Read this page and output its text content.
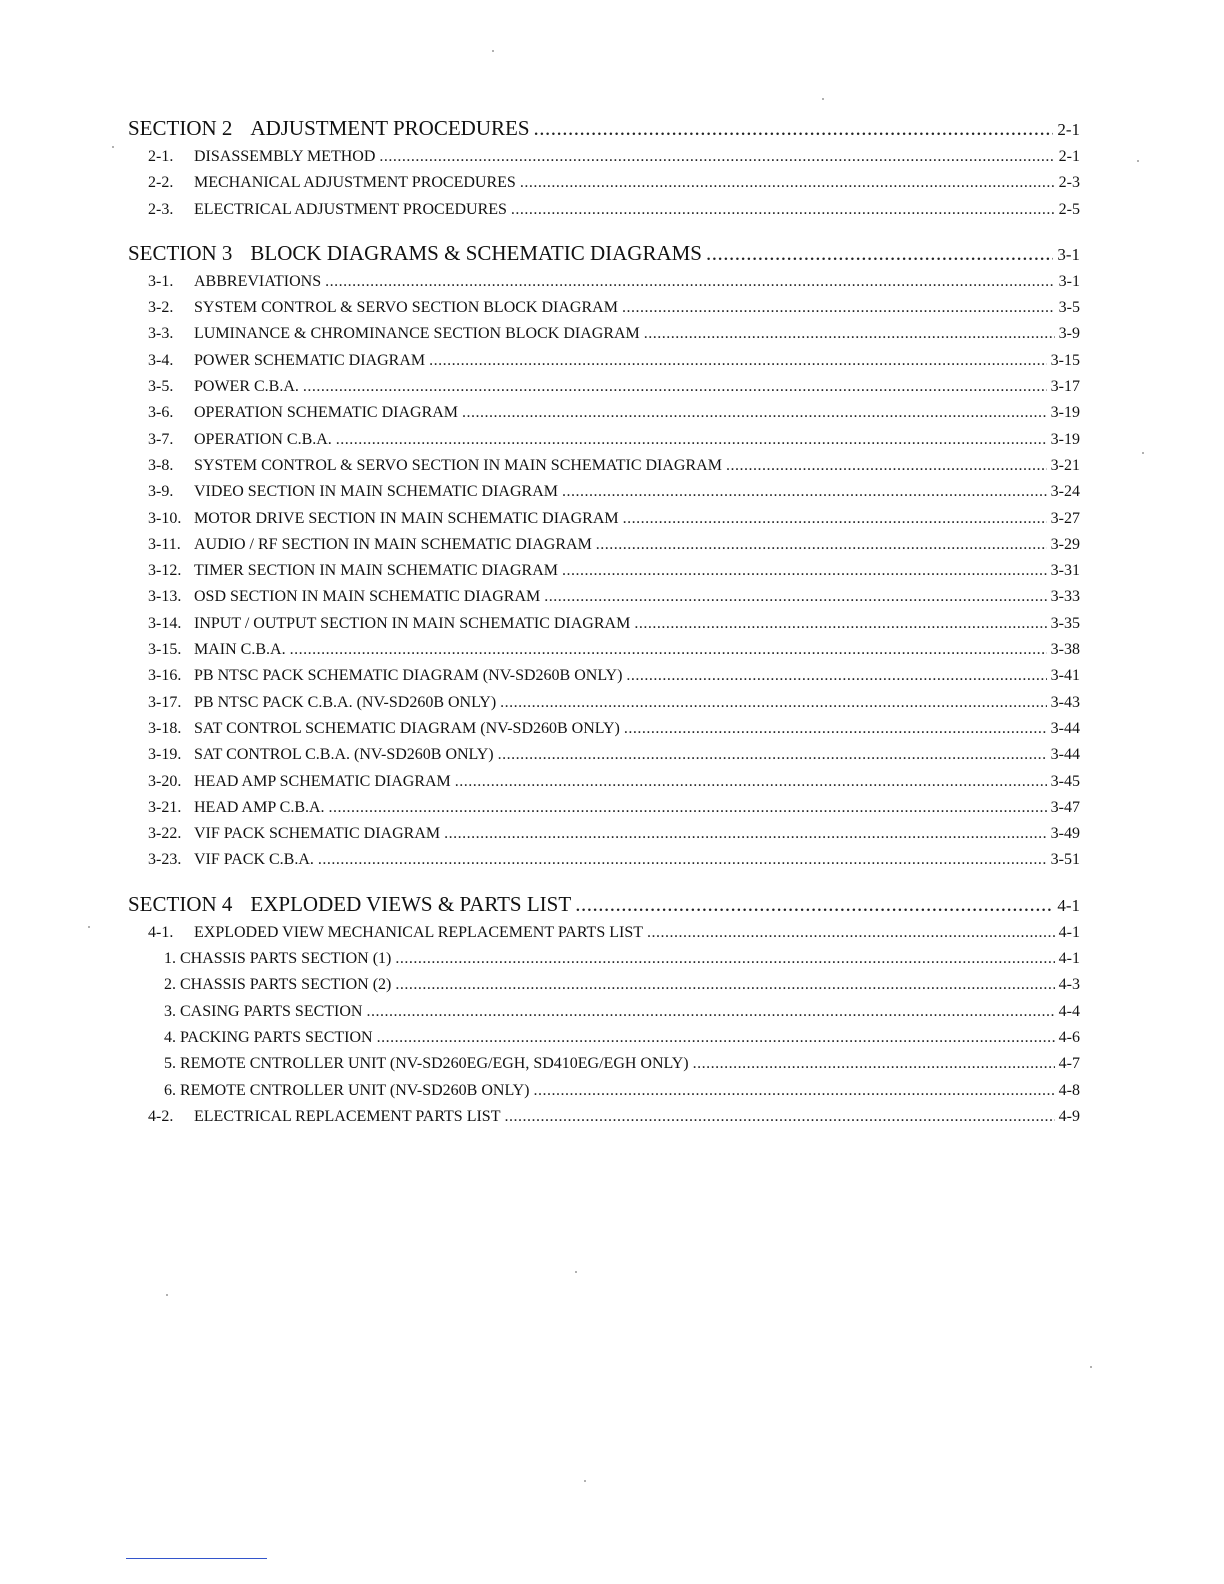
SECTION 2 ADJUSTMENT PROCEDURES .....	2-1
2-1. DISASSEMBLY METHOD .....	2-1
2-2. MECHANICAL ADJUSTMENT PROCEDURES .....	2-3
2-3. ELECTRICAL ADJUSTMENT PROCEDURES .....	2-5
SECTION 3 BLOCK DIAGRAMS & SCHEMATIC DIAGRAMS .....	3-1
3-1. ABBREVIATIONS .....	3-1
3-2. SYSTEM CONTROL & SERVO SECTION BLOCK DIAGRAM .....	3-5
3-3. LUMINANCE & CHROMINANCE SECTION BLOCK DIAGRAM .....	3-9
3-4. POWER SCHEMATIC DIAGRAM .....	3-15
3-5. POWER C.B.A. .....	3-17
3-6. OPERATION SCHEMATIC DIAGRAM .....	3-19
3-7. OPERATION C.B.A. .....	3-19
3-8. SYSTEM CONTROL & SERVO SECTION IN MAIN SCHEMATIC DIAGRAM .....	3-21
3-9. VIDEO SECTION IN MAIN SCHEMATIC DIAGRAM .....	3-24
3-10. MOTOR DRIVE SECTION IN MAIN SCHEMATIC DIAGRAM .....	3-27
3-11. AUDIO / RF SECTION IN MAIN SCHEMATIC DIAGRAM .....	3-29
3-12. TIMER SECTION IN MAIN SCHEMATIC DIAGRAM .....	3-31
3-13. OSD SECTION IN MAIN SCHEMATIC DIAGRAM .....	3-33
3-14. INPUT / OUTPUT SECTION IN MAIN SCHEMATIC DIAGRAM .....	3-35
3-15. MAIN C.B.A. .....	3-38
3-16. PB NTSC PACK SCHEMATIC DIAGRAM (NV-SD260B ONLY) .....	3-41
3-17. PB NTSC PACK C.B.A. (NV-SD260B ONLY) .....	3-43
3-18. SAT CONTROL SCHEMATIC DIAGRAM (NV-SD260B ONLY) .....	3-44
3-19. SAT CONTROL C.B.A. (NV-SD260B ONLY) .....	3-44
3-20. HEAD AMP SCHEMATIC DIAGRAM .....	3-45
3-21. HEAD AMP C.B.A. .....	3-47
3-22. VIF PACK SCHEMATIC DIAGRAM .....	3-49
3-23. VIF PACK C.B.A. .....	3-51
SECTION 4 EXPLODED VIEWS & PARTS LIST .....	4-1
4-1. EXPLODED VIEW MECHANICAL REPLACEMENT PARTS LIST .....	4-1
1. CHASSIS PARTS SECTION (1) .....	4-1
2. CHASSIS PARTS SECTION (2) .....	4-3
3. CASING PARTS SECTION .....	4-4
4. PACKING PARTS SECTION .....	4-6
5. REMOTE CNTROLLER UNIT (NV-SD260EG/EGH, SD410EG/EGH ONLY) .....	4-7
6. REMOTE CNTROLLER UNIT (NV-SD260B ONLY) .....	4-8
4-2. ELECTRICAL REPLACEMENT PARTS LIST .....	4-9
